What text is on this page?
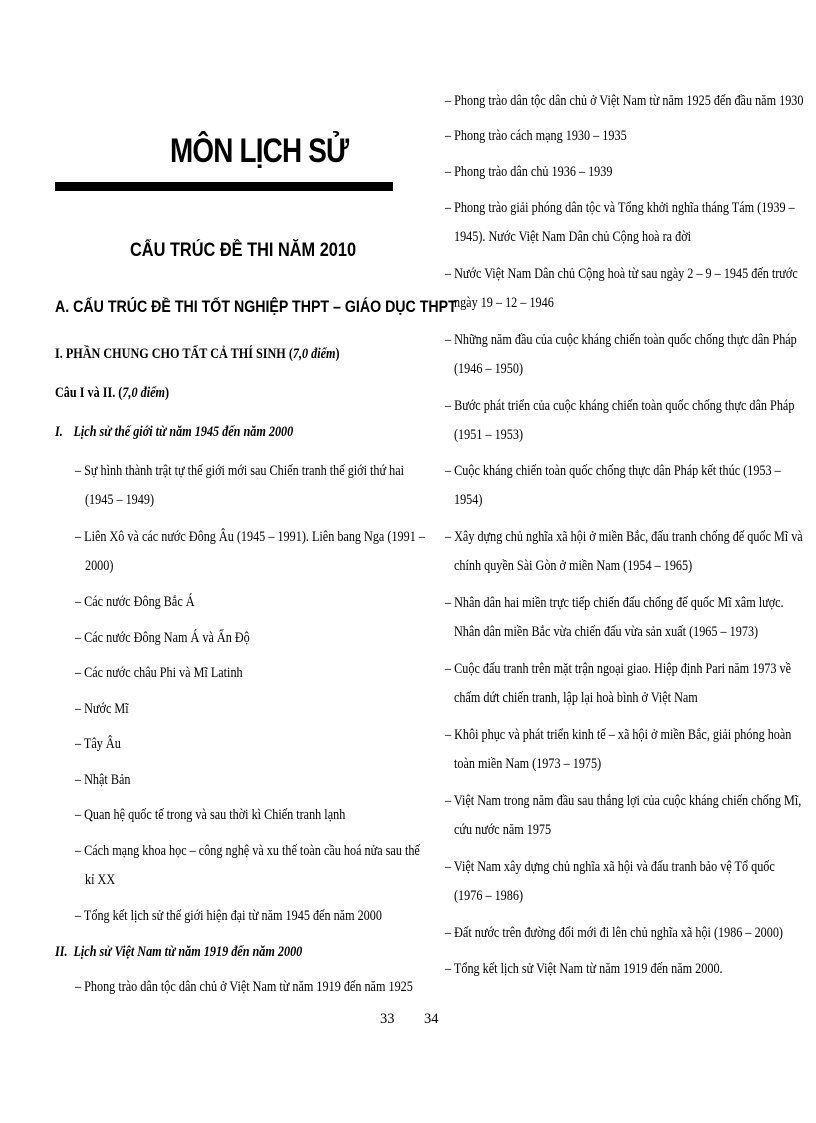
MÔN LỊCH SỬ
CẤU TRÚC ĐỀ THI NĂM 2010
A. CẤU TRÚC ĐỀ THI TỐT NGHIỆP THPT – GIÁO DỤC THPT
I. PHẦN CHUNG CHO TẤT CẢ THÍ SINH (7,0 điểm)
Câu I và II. (7,0 điểm)
I. Lịch sử thế giới từ năm 1945 đến năm 2000
– Sự hình thành trật tự thế giới mới sau Chiến tranh thế giới thứ hai
(1945 – 1949)
– Liên Xô và các nước Đông Âu (1945 – 1991). Liên bang Nga (1991 –
2000)
– Các nước Đông Bắc Á
– Các nước Đông Nam Á và Ấn Độ
– Các nước châu Phi và Mĩ Latinh
– Nước Mĩ
– Tây Âu
– Nhật Bản
– Quan hệ quốc tế trong và sau thời kì Chiến tranh lạnh
– Cách mạng khoa học – công nghệ và xu thế toàn cầu hoá nửa sau thế
kỉ XX
– Tổng kết lịch sử thế giới hiện đại từ năm 1945 đến năm 2000
II. Lịch sử Việt Nam từ năm 1919 đến năm 2000
– Phong trào dân tộc dân chủ ở Việt Nam từ năm 1919 đến năm 1925
33
– Phong trào dân tộc dân chủ ở Việt Nam từ năm 1925 đến đầu năm 1930
– Phong trào cách mạng 1930 – 1935
– Phong trào dân chủ 1936 – 1939
– Phong trào giải phóng dân tộc và Tổng khởi nghĩa tháng Tám (1939 –
1945). Nước Việt Nam Dân chủ Cộng hoà ra đời
– Nước Việt Nam Dân chủ Cộng hoà từ sau ngày 2 – 9 – 1945 đến trước
ngày 19 – 12 – 1946
– Những năm đầu của cuộc kháng chiến toàn quốc chống thực dân Pháp
(1946 – 1950)
– Bước phát triển của cuộc kháng chiến toàn quốc chống thực dân Pháp
(1951 – 1953)
– Cuộc kháng chiến toàn quốc chống thực dân Pháp kết thúc (1953 –
1954)
– Xây dựng chủ nghĩa xã hội ở miền Bắc, đấu tranh chống đế quốc Mĩ và
chính quyền Sài Gòn ở miền Nam (1954 – 1965)
– Nhân dân hai miền trực tiếp chiến đấu chống đế quốc Mĩ xâm lược.
Nhân dân miền Bắc vừa chiến đấu vừa sản xuất (1965 – 1973)
– Cuộc đấu tranh trên mặt trận ngoại giao. Hiệp định Pari năm 1973 về
chấm dứt chiến tranh, lập lại hoà bình ở Việt Nam
– Khôi phục và phát triển kinh tế – xã hội ở miền Bắc, giải phóng hoàn
toàn miền Nam (1973 – 1975)
– Việt Nam trong năm đầu sau thắng lợi của cuộc kháng chiến chống Mĩ,
cứu nước năm 1975
– Việt Nam xây dựng chủ nghĩa xã hội và đấu tranh bảo vệ Tổ quốc
(1976 – 1986)
– Đất nước trên đường đổi mới đi lên chủ nghĩa xã hội (1986 – 2000)
– Tổng kết lịch sử Việt Nam từ năm 1919 đến năm 2000.
34
